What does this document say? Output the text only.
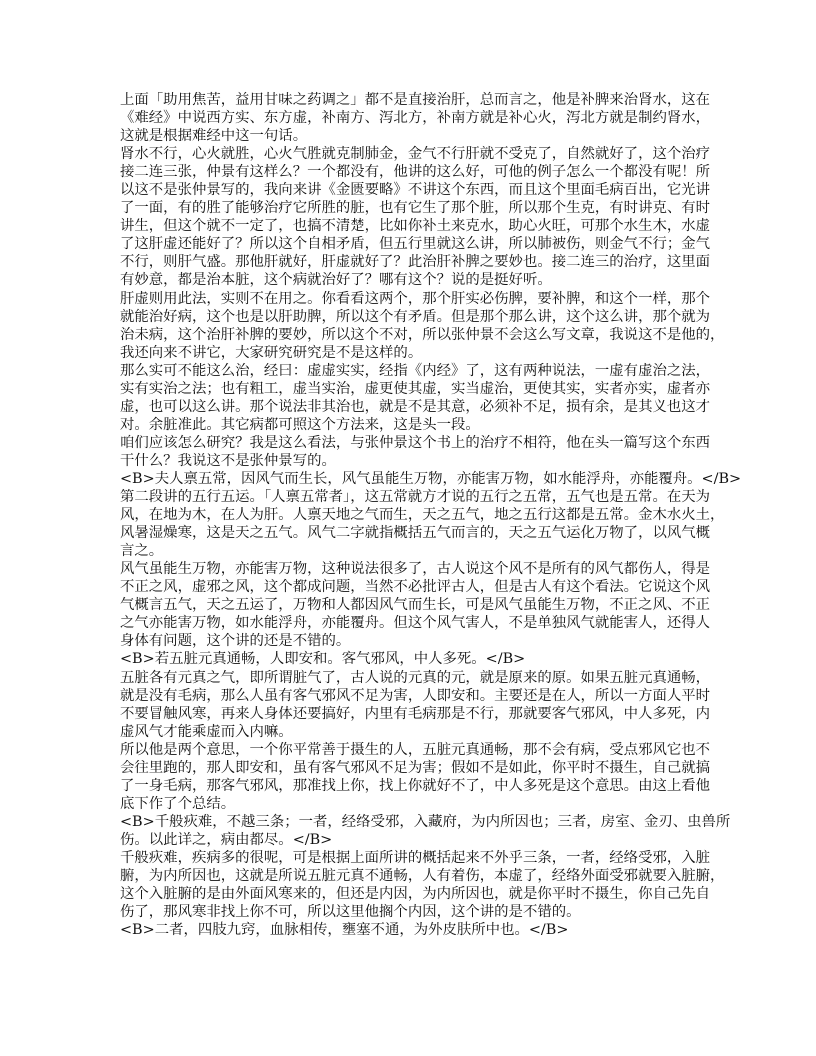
上面「助用焦苦，益用甘味之药调之」都不是直接治肝，总而言之，他是补脾来治肾水，这在
《难经》中说西方实、东方虚，补南方、泻北方，补南方就是补心火，泻北方就是制约肾水，
这就是根据难经中这一句话。
肾水不行，心火就胜，心火气胜就克制肺金，金气不行肝就不受克了，自然就好了，这个治疗
接二连三张，仲景有这样么？一个都没有，他讲的这么好，可他的例子怎么一个都没有呢！所
以这不是张仲景写的，我向来讲《金匮要略》不讲这个东西，而且这个里面毛病百出，它光讲
了一面，有的胜了能够治疗它所胜的脏，也有它生了那个脏，所以那个生克，有时讲克、有时
讲生，但这个就不一定了，也搞不清楚，比如你补土来克水，助心火旺，可那个水生木，水虚
了这肝虚还能好了？所以这个自相矛盾，但五行里就这么讲，所以肺被伤，则金气不行；金气
不行，则肝气盛。那他肝就好，肝虚就好了？此治肝补脾之要妙也。接二连三的治疗，这里面
有妙意，都是治本脏，这个病就治好了？哪有这个？说的是挺好听。
肝虚则用此法，实则不在用之。你看看这两个，那个肝实必伤脾，要补脾，和这个一样，那个
就能治好病，这个也是以肝助脾，所以这个有矛盾。但是那个那么讲，这个这么讲，那个就为
治未病，这个治肝补脾的要妙，所以这个不对，所以张仲景不会这么写文章，我说这不是他的，
我还向来不讲它，大家研究研究是不是这样的。
那么实可不能这么治，经曰：虚虚实实，经指《内经》了，这有两种说法，一虚有虚治之法，
实有实治之法；也有粗工，虚当实治，虚更使其虚，实当虚治，更使其实，实者亦实，虚者亦
虚，也可以这么讲。那个说法非其治也，就是不是其意，必须补不足，损有余，是其义也这才
对。余脏准此。其它病都可照这个方法来，这是头一段。
咱们应该怎么研究？我是这么看法，与张仲景这个书上的治疗不相符，他在头一篇写这个东西
干什么？我说这不是张仲景写的。
<B>夫人禀五常，因风气而生长，风气虽能生万物，亦能害万物，如水能浮舟，亦能覆舟。</B>
第二段讲的五行五运。「人禀五常者」，这五常就方才说的五行之五常，五气也是五常。在天为
风，在地为木，在人为肝。人禀天地之气而生，天之五气，地之五行这都是五常。金木水火土，
风暑湿燥寒，这是天之五气。风气二字就指概括五气而言的，天之五气运化万物了，以风气概
言之。
风气虽能生万物，亦能害万物，这种说法很多了，古人说这个风不是所有的风气都伤人，得是
不正之风，虚邪之风，这个都成问题，当然不必批评古人，但是古人有这个看法。它说这个风
气概言五气，天之五运了，万物和人都因风气而生长，可是风气虽能生万物，不正之风、不正
之气亦能害万物，如水能浮舟，亦能覆舟。但这个风气害人，不是单独风气就能害人，还得人
身体有问题，这个讲的还是不错的。
<B>若五脏元真通畅，人即安和。客气邪风，中人多死。</B>
五脏各有元真之气，即所谓脏气了，古人说的元真的元，就是原来的原。如果五脏元真通畅，
就是没有毛病，那么人虽有客气邪风不足为害，人即安和。主要还是在人，所以一方面人平时
不要冒触风寒，再来人身体还要搞好，内里有毛病那是不行，那就要客气邪风，中人多死，内
虚风气才能乘虚而入内嘛。
所以他是两个意思，一个你平常善于摄生的人，五脏元真通畅，那不会有病，受点邪风它也不
会往里跑的，那人即安和，虽有客气邪风不足为害；假如不是如此，你平时不摄生，自己就搞
了一身毛病，那客气邪风，那准找上你，找上你就好不了，中人多死是这个意思。由这上看他
底下作了个总结。
<B>千般疢难，不越三条；一者，经络受邪，入藏府，为内所因也；三者，房室、金刃、虫兽所
伤。以此详之，病由都尽。</B>
千般疢难，疾病多的很呢，可是根据上面所讲的概括起来不外乎三条，一者，经络受邪，入脏
腑，为内所因也，这就是所说五脏元真不通畅，人有着伤，本虚了，经络外面受邪就要入脏腑，
这个入脏腑的是由外面风寒来的，但还是内因，为内所因也，就是你平时不摄生，你自己先自
伤了，那风寒非找上你不可，所以这里他搁个内因，这个讲的是不错的。
<B>二者，四肢九窍，血脉相传，壅塞不通，为外皮肤所中也。</B>
